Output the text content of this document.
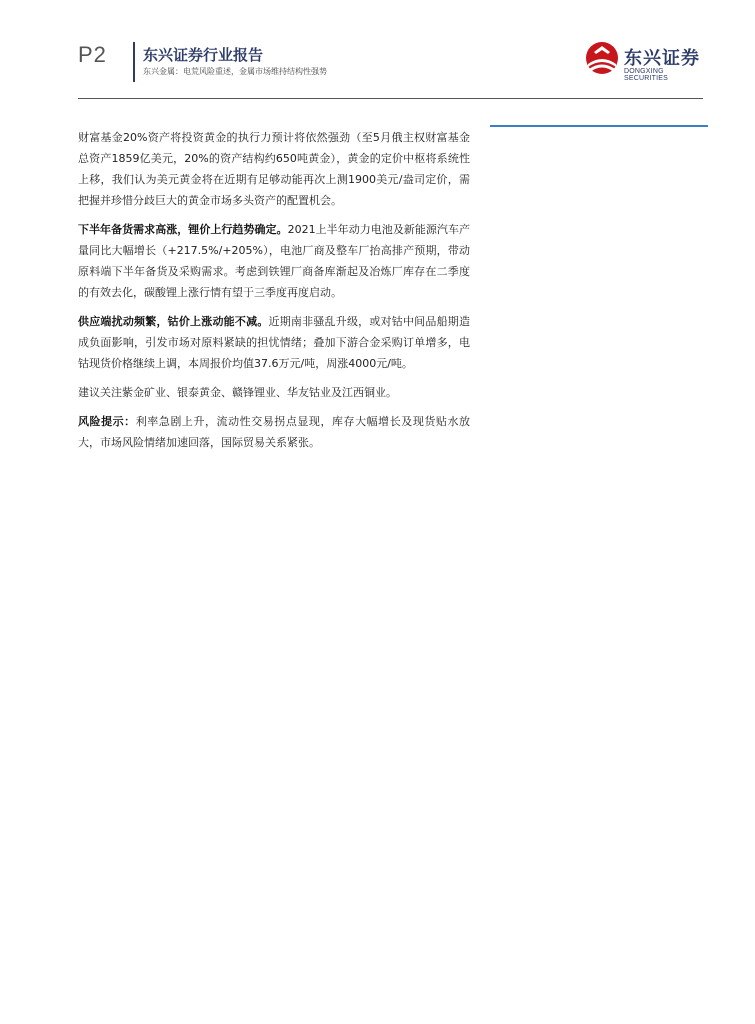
P2 东兴证券行业报告
东兴金属：电荒风险重述，金属市场维持结构性强势
东兴证券
DONGXING SECURITIES

财富基金20%资产将投资黄金的执行力预计将依然强劲（至5月俄主权财富基金总资产1859亿美元，20%的资产结构约650吨黄金），黄金的定价中枢将系统性上移，我们认为美元黄金将在近期有足够动能再次上测1900美元/盎司定价，需把握并珍惜分歧巨大的黄金市场多头资产的配置机会。

下半年备货需求高涨，锂价上行趋势确定。2021上半年动力电池及新能源汽车产量同比大幅增长（+217.5%/+205%），电池厂商及整车厂抬高排产预期，带动原料端下半年备货及采购需求。考虑到铁锂厂商备库渐起及冶炼厂库存在二季度的有效去化，碳酸锂上涨行情有望于三季度再度启动。

供应端扰动频繁，钴价上涨动能不减。近期南非骚乱升级，或对钴中间品船期造成负面影响，引发市场对原料紧缺的担忧情绪；叠加下游合金采购订单增多，电钴现货价格继续上调，本周报价均值37.6万元/吨，周涨4000元/吨。

建议关注紫金矿业、银泰黄金、赣锋锂业、华友钴业及江西铜业。

风险提示：利率急剧上升，流动性交易拐点显现，库存大幅增长及现货贴水放大，市场风险情绪加速回落，国际贸易关系紧张。
